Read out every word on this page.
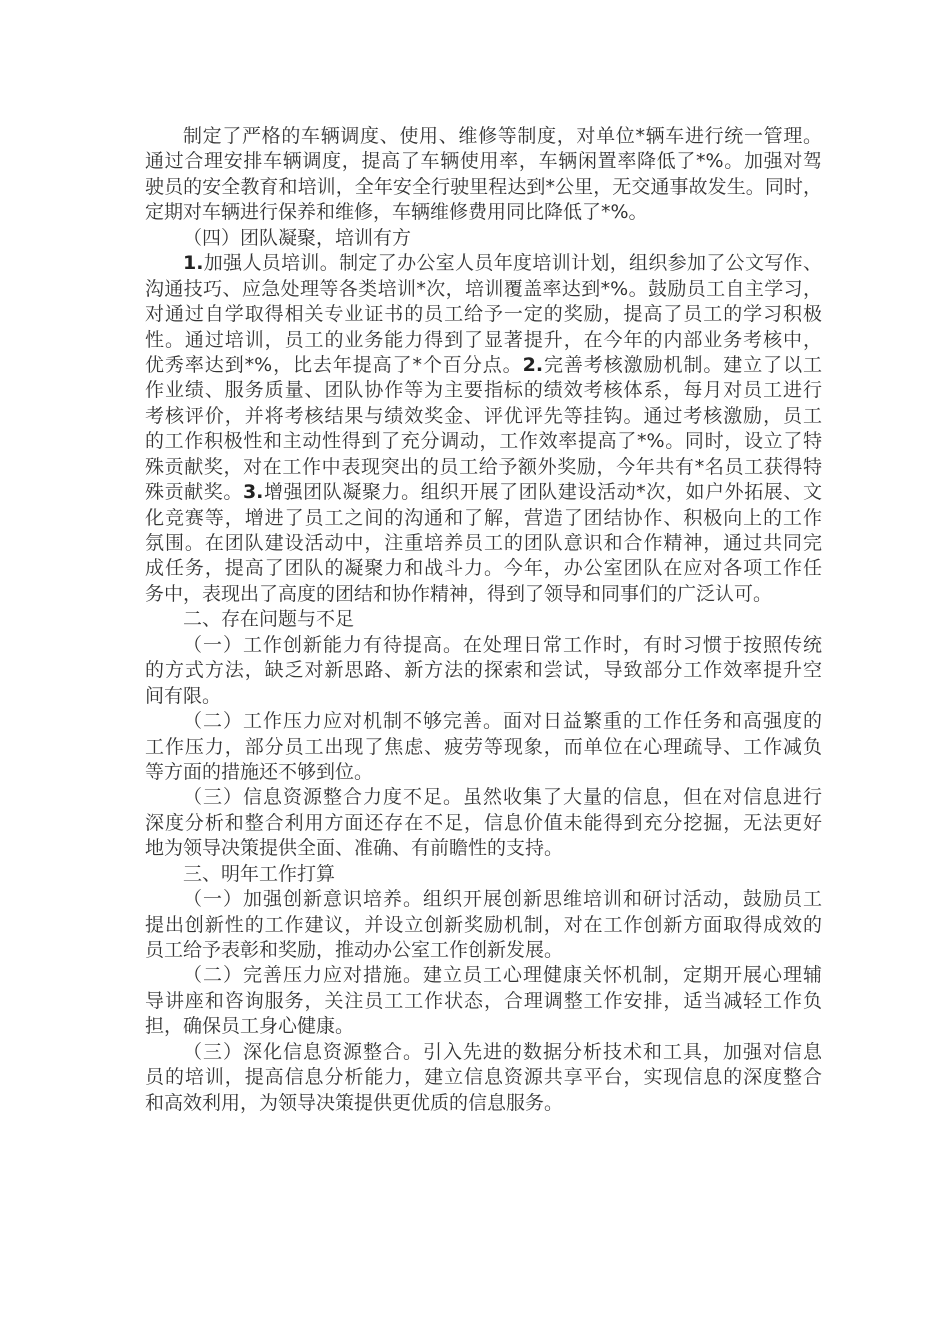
制定了严格的车辆调度、使用、维修等制度，对单位*辆车进行统一管理。
通过合理安排车辆调度，提高了车辆使用率，车辆闲置率降低了*%。加强对驾
驶员的安全教育和培训，全年安全行驶里程达到*公里，无交通事故发生。同时，
定期对车辆进行保养和维修，车辆维修费用同比降低了*%。
（四）团队凝聚，培训有方
1.加强人员培训。制定了办公室人员年度培训计划，组织参加了公文写作、
沟通技巧、应急处理等各类培训*次，培训覆盖率达到*%。鼓励员工自主学习，
对通过自学取得相关专业证书的员工给予一定的奖励，提高了员工的学习积极
性。通过培训，员工的业务能力得到了显著提升，在今年的内部业务考核中，
优秀率达到*%，比去年提高了*个百分点。2.完善考核激励机制。建立了以工
作业绩、服务质量、团队协作等为主要指标的绩效考核体系，每月对员工进行
考核评价，并将考核结果与绩效奖金、评优评先等挂钩。通过考核激励，员工
的工作积极性和主动性得到了充分调动，工作效率提高了*%。同时，设立了特
殊贡献奖，对在工作中表现突出的员工给予额外奖励，今年共有*名员工获得特
殊贡献奖。3.增强团队凝聚力。组织开展了团队建设活动*次，如户外拓展、文
化竞赛等，增进了员工之间的沟通和了解，营造了团结协作、积极向上的工作
氛围。在团队建设活动中，注重培养员工的团队意识和合作精神，通过共同完
成任务，提高了团队的凝聚力和战斗力。今年，办公室团队在应对各项工作任
务中，表现出了高度的团结和协作精神，得到了领导和同事们的广泛认可。
二、存在问题与不足
（一）工作创新能力有待提高。在处理日常工作时，有时习惯于按照传统
的方式方法，缺乏对新思路、新方法的探索和尝试，导致部分工作效率提升空
间有限。
（二）工作压力应对机制不够完善。面对日益繁重的工作任务和高强度的
工作压力，部分员工出现了焦虑、疲劳等现象，而单位在心理疏导、工作减负
等方面的措施还不够到位。
（三）信息资源整合力度不足。虽然收集了大量的信息，但在对信息进行
深度分析和整合利用方面还存在不足，信息价值未能得到充分挖掘，无法更好
地为领导决策提供全面、准确、有前瞻性的支持。
三、明年工作打算
（一）加强创新意识培养。组织开展创新思维培训和研讨活动，鼓励员工
提出创新性的工作建议，并设立创新奖励机制，对在工作创新方面取得成效的
员工给予表彰和奖励，推动办公室工作创新发展。
（二）完善压力应对措施。建立员工心理健康关怀机制，定期开展心理辅
导讲座和咨询服务，关注员工工作状态，合理调整工作安排，适当减轻工作负
担，确保员工身心健康。
（三）深化信息资源整合。引入先进的数据分析技术和工具，加强对信息
员的培训，提高信息分析能力，建立信息资源共享平台，实现信息的深度整合
和高效利用，为领导决策提供更优质的信息服务。
